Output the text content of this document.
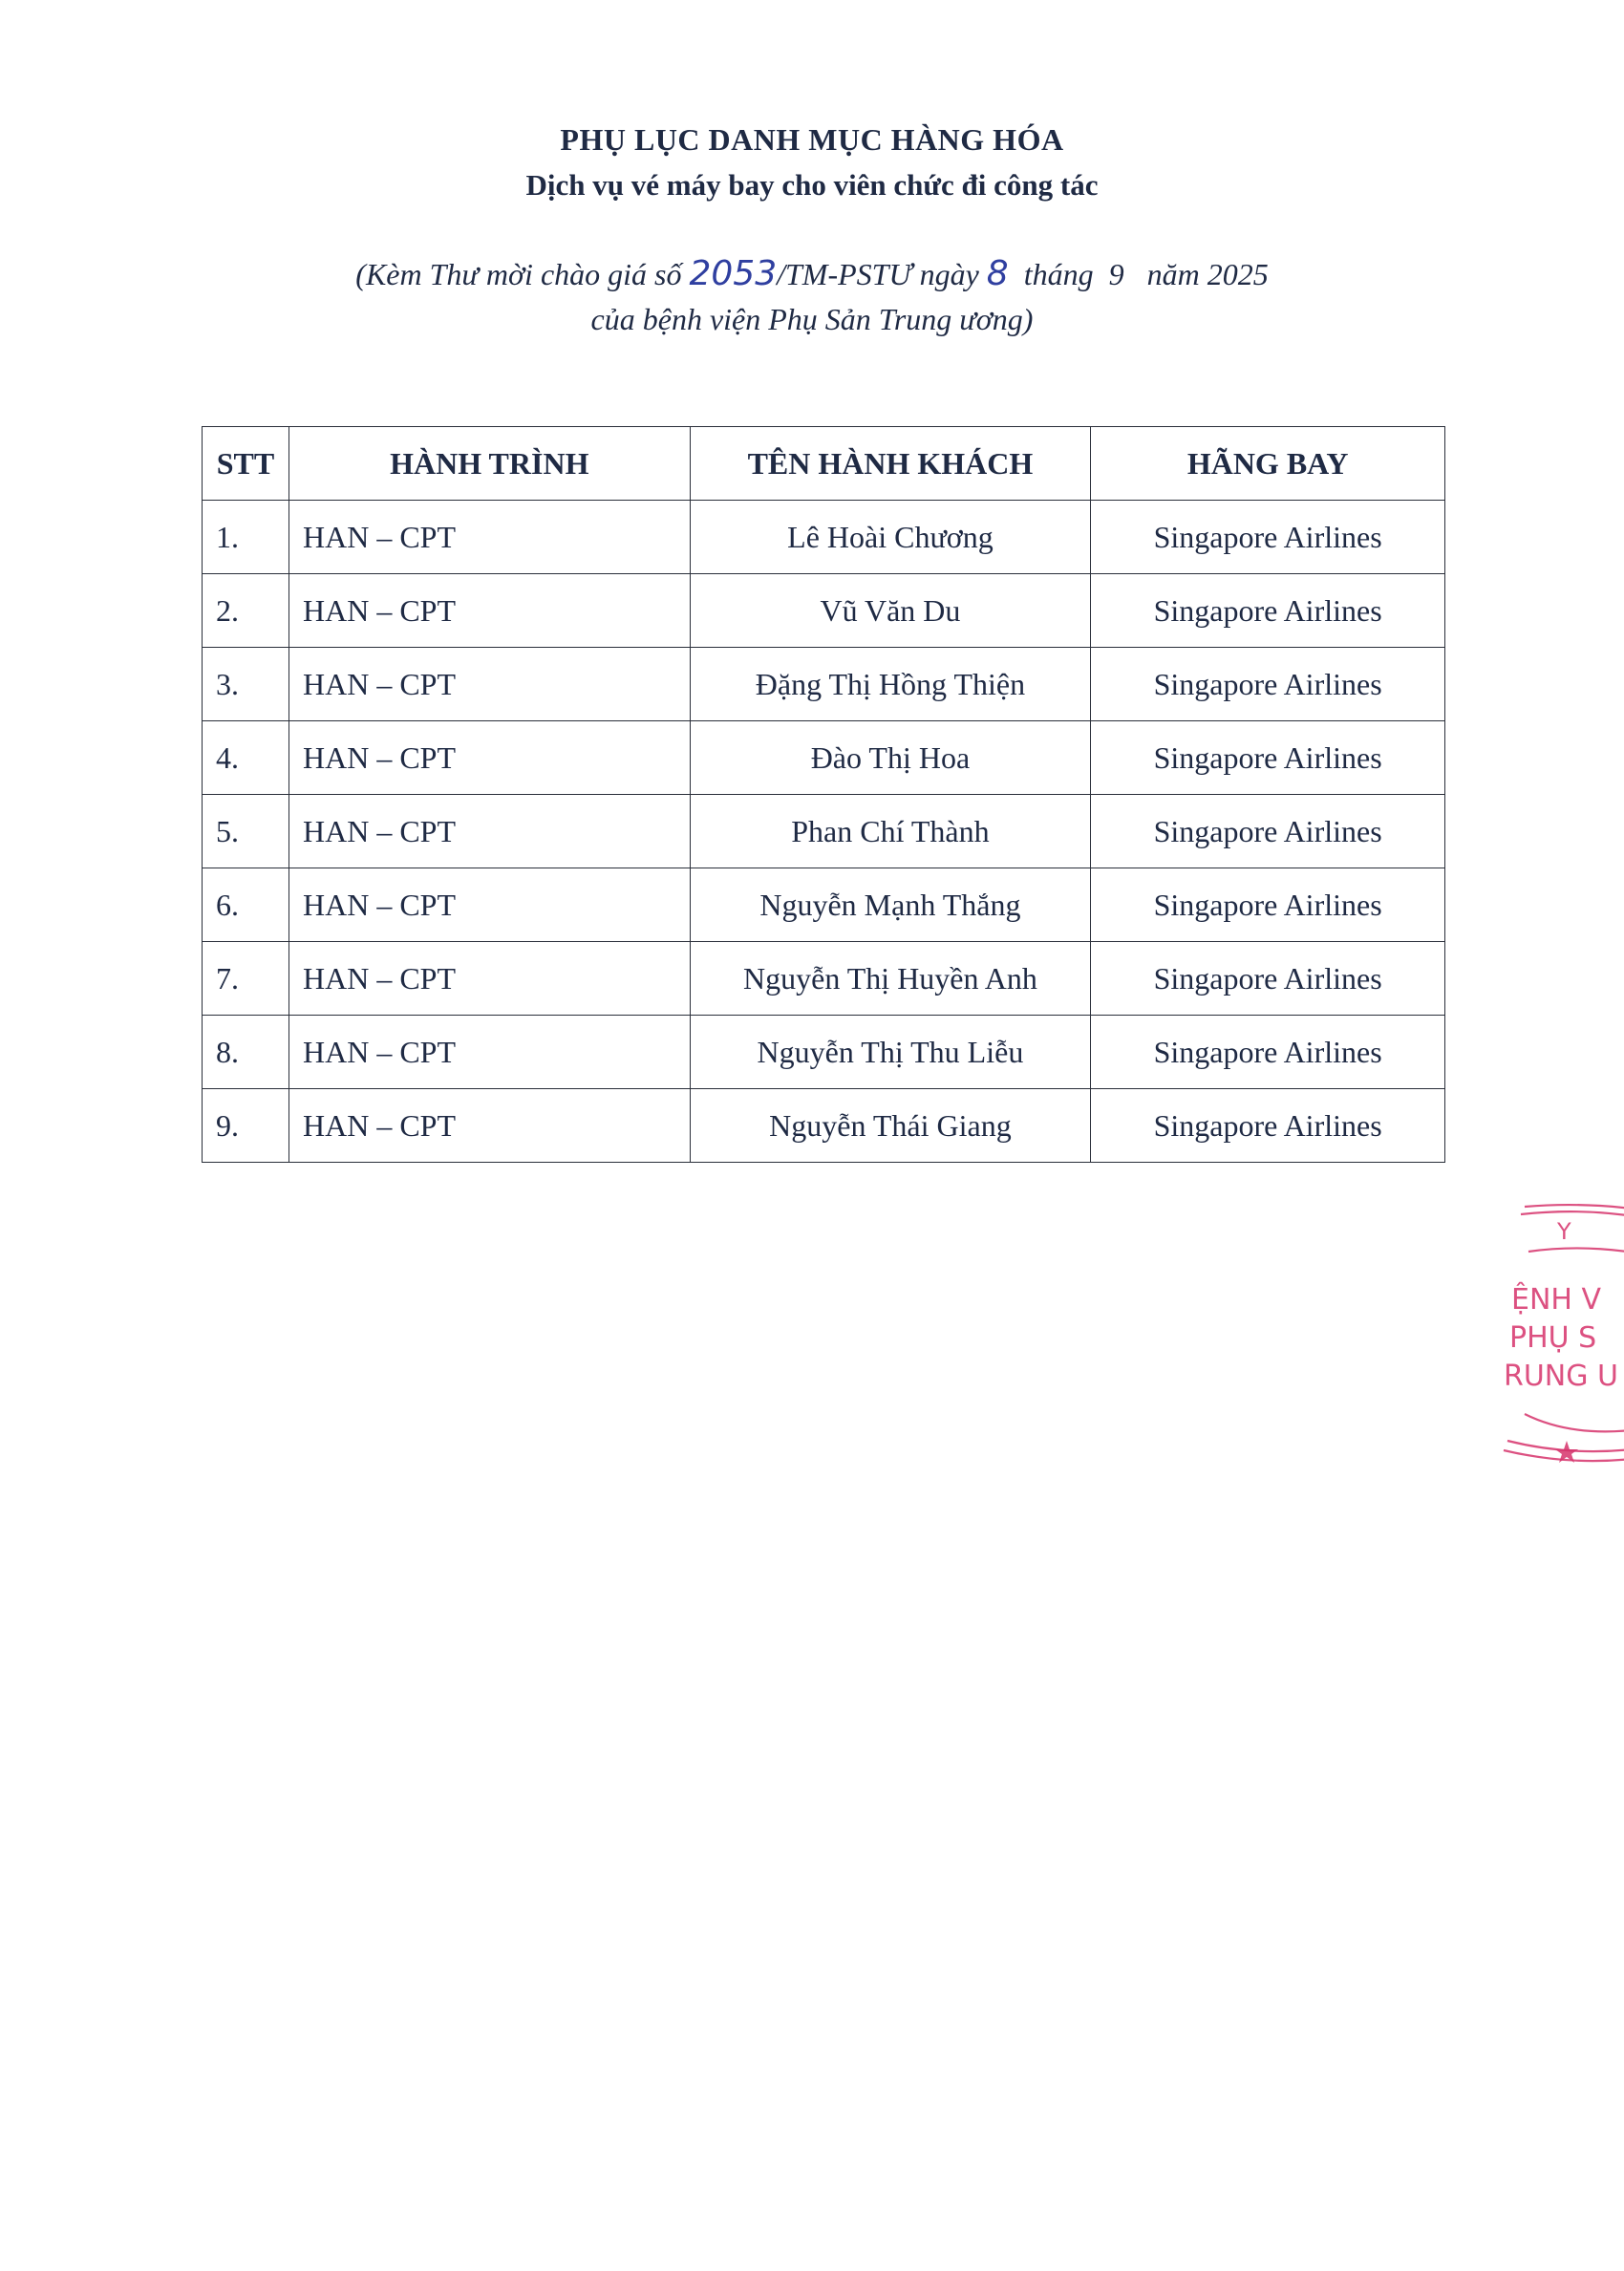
PHỤ LỤC DANH MỤC HÀNG HÓA
Dịch vụ vé máy bay cho viên chức đi công tác
(Kèm Thư mời chào giá số 2053/TM-PSTƯ ngày 8  tháng  9   năm 2025
của bệnh viện Phụ Sản Trung ương)
STT	HÀNH TRÌNH	TÊN HÀNH KHÁCH	HÃNG BAY
1.	HAN – CPT	Lê Hoài Chương	Singapore Airlines
2.	HAN – CPT	Vũ Văn Du	Singapore Airlines
3.	HAN – CPT	Đặng Thị Hồng Thiện	Singapore Airlines
4.	HAN – CPT	Đào Thị Hoa	Singapore Airlines
5.	HAN – CPT	Phan Chí Thành	Singapore Airlines
6.	HAN – CPT	Nguyễn Mạnh Thắng	Singapore Airlines
7.	HAN – CPT	Nguyễn Thị Huyền Anh	Singapore Airlines
8.	HAN – CPT	Nguyễn Thị Thu Liễu	Singapore Airlines
9.	HAN – CPT	Nguyễn Thái Giang	Singapore Airlines
Y
ỆNH V
PHỤ S
RUNG U
